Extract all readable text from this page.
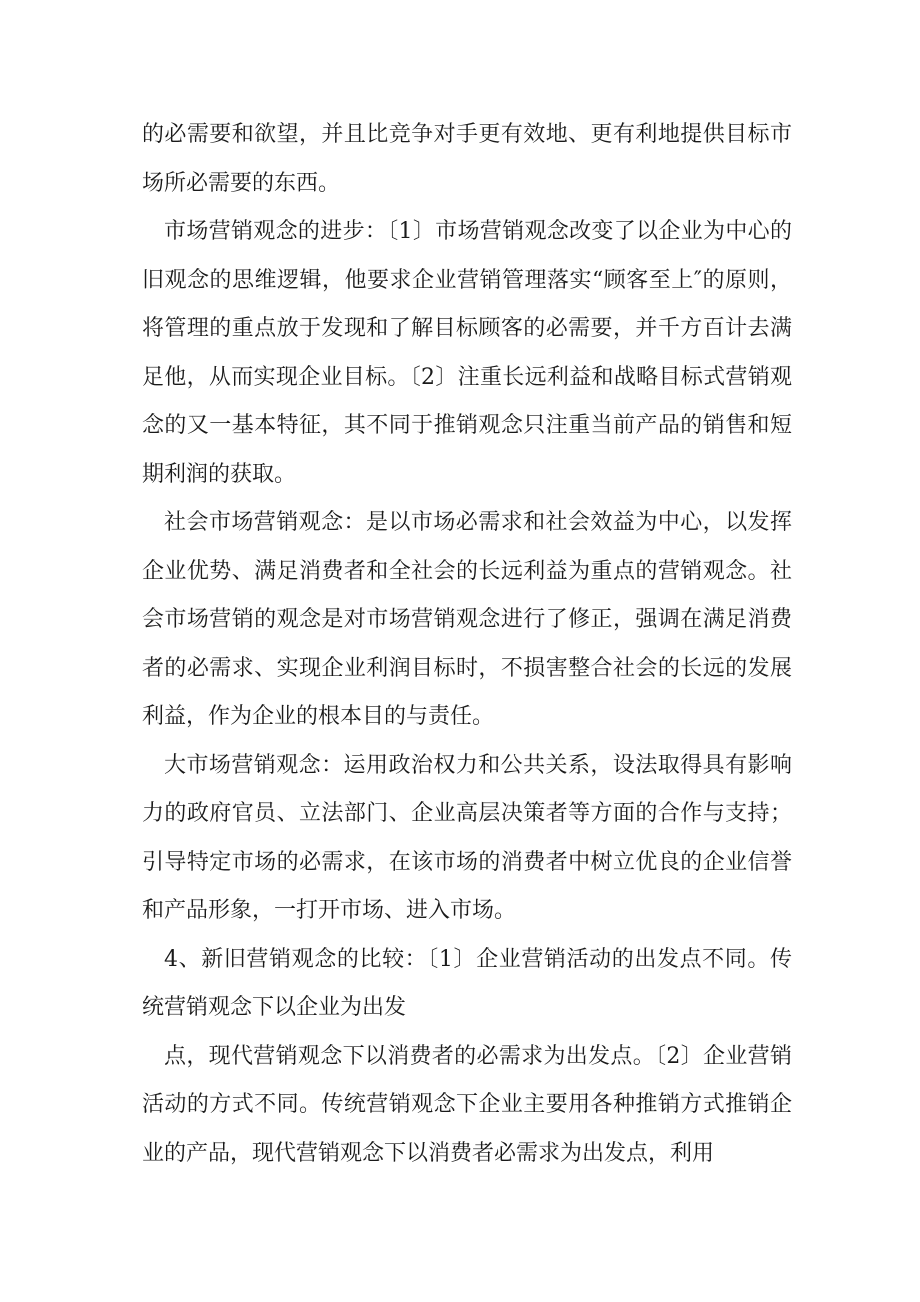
的必需要和欲望，并且比竞争对手更有效地、更有利地提供目标市场所必需要的东西。

市场营销观念的进步：〔1〕市场营销观念改变了以企业为中心的旧观念的思维逻辑，他要求企业营销管理落实“顾客至上″的原则，将管理的重点放于发现和了解目标顾客的必需要，并千方百计去满足他，从而实现企业目标。〔2〕注重长远利益和战略目标式营销观念的又一基本特征，其不同于推销观念只注重当前产品的销售和短期利润的获取。

社会市场营销观念：是以市场必需求和社会效益为中心，以发挥企业优势、满足消费者和全社会的长远利益为重点的营销观念。社会市场营销的观念是对市场营销观念进行了修正，强调在满足消费者的必需求、实现企业利润目标时，不损害整合社会的长远的发展利益，作为企业的根本目的与责任。

大市场营销观念：运用政治权力和公共关系，设法取得具有影响力的政府官员、立法部门、企业高层决策者等方面的合作与支持；引导特定市场的必需求，在该市场的消费者中树立优良的企业信誉和产品形象，一打开市场、进入市场。

4、新旧营销观念的比较：〔1〕企业营销活动的出发点不同。传统营销观念下以企业为出发

点，现代营销观念下以消费者的必需求为出发点。〔2〕企业营销活动的方式不同。传统营销观念下企业主要用各种推销方式推销企业的产品，现代营销观念下以消费者必需求为出发点，利用
